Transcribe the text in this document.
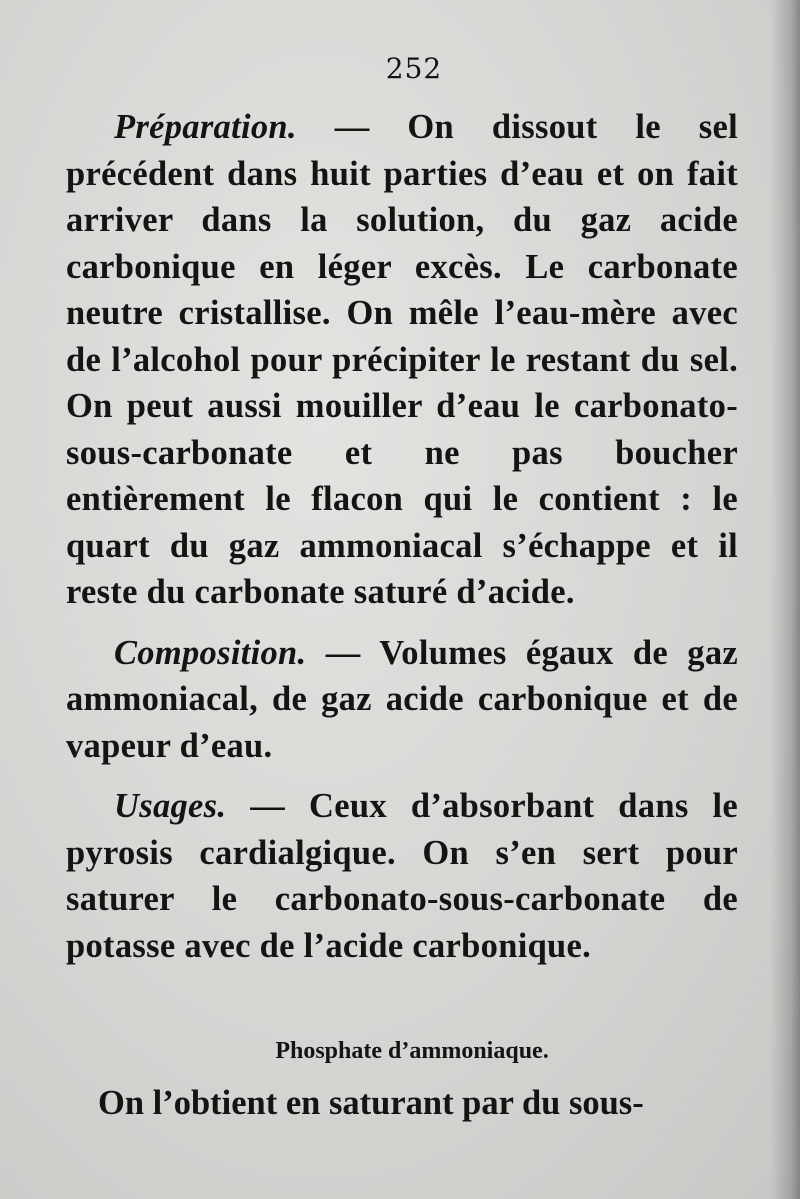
252

Préparation. — On dissout le sel précédent dans huit parties d’eau et on fait arriver dans la solution, du gaz acide carbonique en léger excès. Le carbonate neutre cristallise. On mêle l’eau-mère avec de l’alcohol pour précipiter le restant du sel. On peut aussi mouiller d’eau le carbonato-sous-carbonate et ne pas boucher entièrement le flacon qui le contient : le quart du gaz ammoniacal s’échappe et il reste du carbonate saturé d’acide.

Composition. — Volumes égaux de gaz ammoniacal, de gaz acide carbonique et de vapeur d’eau.

Usages. — Ceux d’absorbant dans le pyrosis cardialgique. On s’en sert pour saturer le carbonato-sous-carbonate de potasse avec de l’acide carbonique.

Phosphate d’ammoniaque.
On l’obtient en saturant par du sous-
